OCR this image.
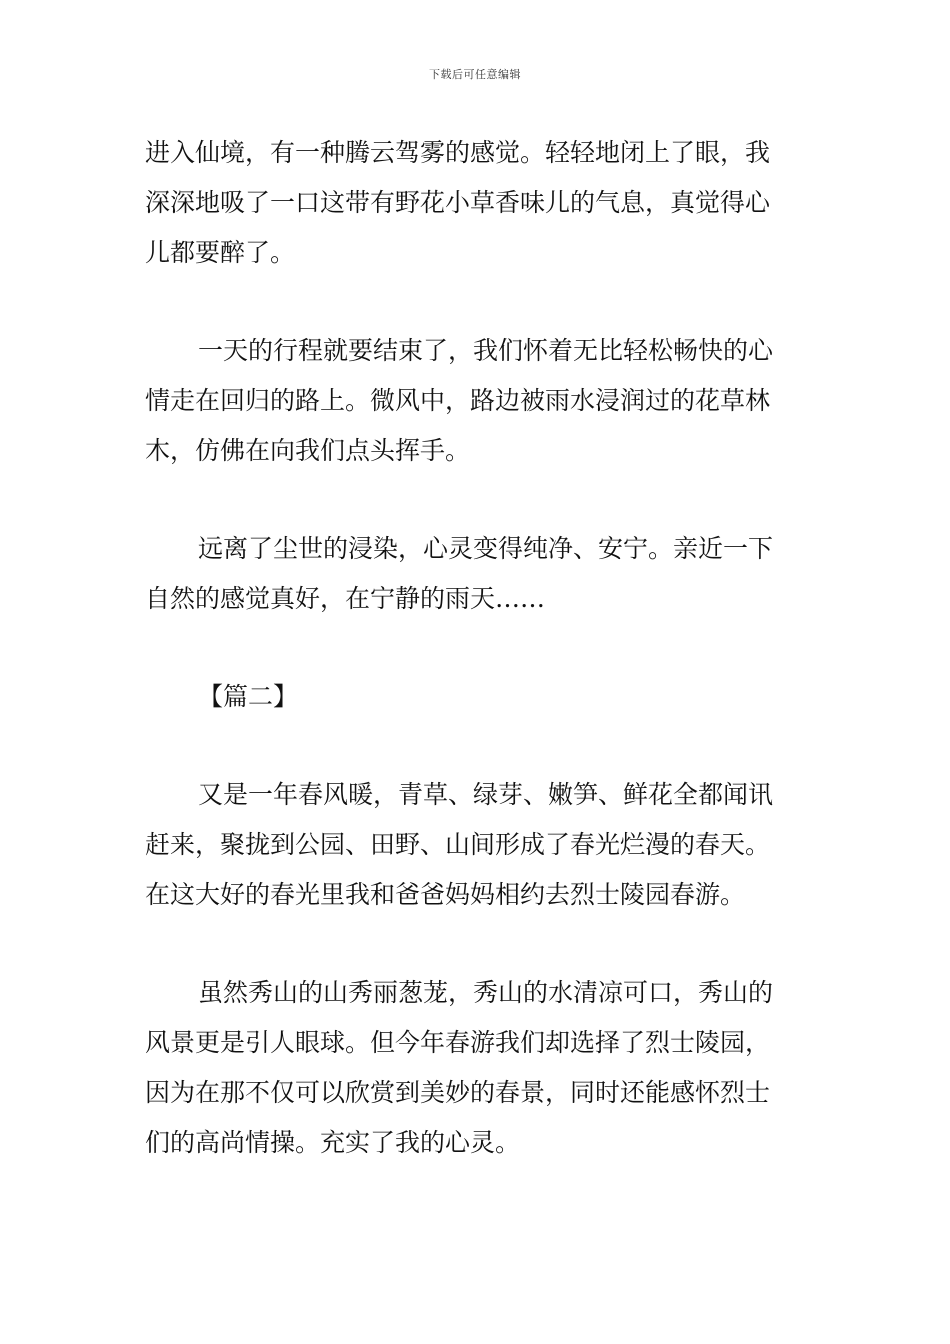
下载后可任意编辑
进入仙境，有一种腾云驾雾的感觉。轻轻地闭上了眼，我
深深地吸了一口这带有野花小草香味儿的气息，真觉得心
儿都要醉了。
一天的行程就要结束了，我们怀着无比轻松畅快的心
情走在回归的路上。微风中，路边被雨水浸润过的花草林
木，仿佛在向我们点头挥手。
远离了尘世的浸染，心灵变得纯净、安宁。亲近一下
自然的感觉真好，在宁静的雨天……
【篇二】
又是一年春风暖，青草、绿芽、嫩笋、鲜花全都闻讯
赶来，聚拢到公园、田野、山间形成了春光烂漫的春天。
在这大好的春光里我和爸爸妈妈相约去烈士陵园春游。
虽然秀山的山秀丽葱茏，秀山的水清凉可口，秀山的
风景更是引人眼球。但今年春游我们却选择了烈士陵园，
因为在那不仅可以欣赏到美妙的春景，同时还能感怀烈士
们的高尚情操。充实了我的心灵。
